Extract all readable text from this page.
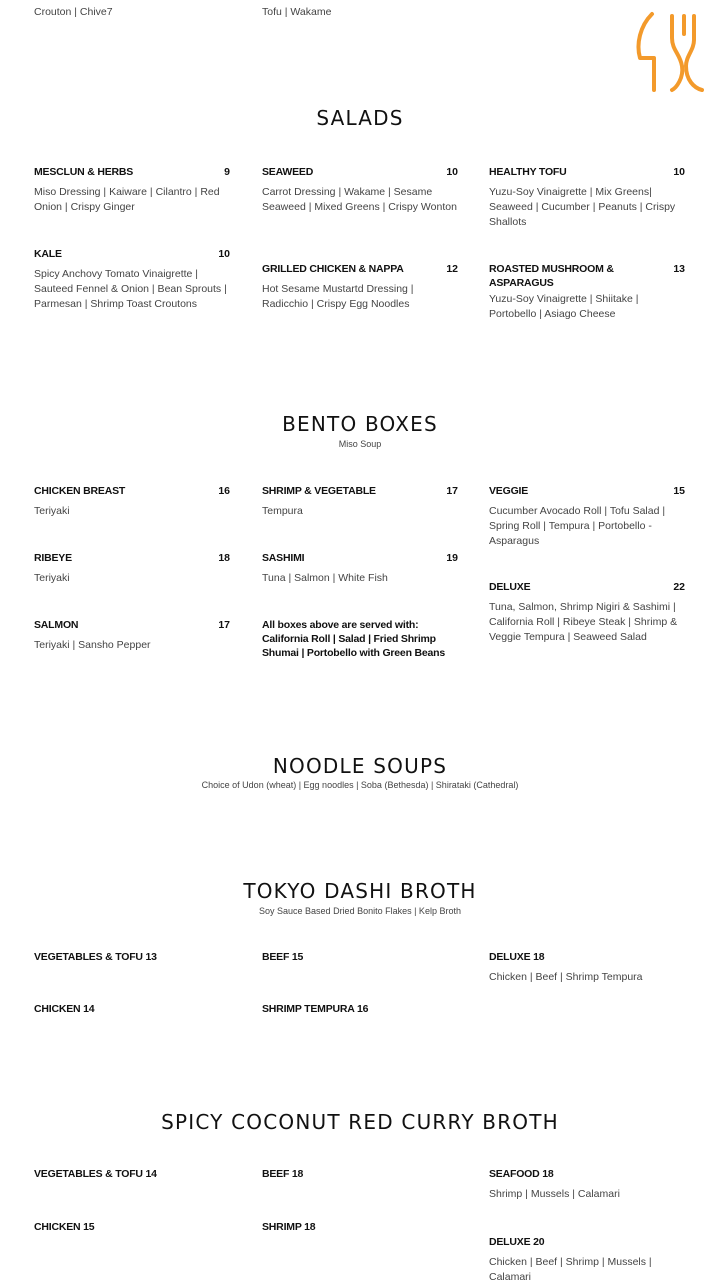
Crouton | Chive7	Tofu | Wakame
SALADS
MESCLUN & HERBS	9
Miso Dressing | Kaiware | Cilantro | Red Onion | Crispy Ginger
SEAWEED	10
Carrot Dressing | Wakame | Sesame Seaweed | Mixed Greens | Crispy Wonton
HEALTHY TOFU	10
Yuzu-Soy Vinaigrette | Mix Greens| Seaweed | Cucumber | Peanuts | Crispy Shallots
KALE	10
Spicy Anchovy Tomato Vinaigrette | Sauteed Fennel & Onion | Bean Sprouts | Parmesan | Shrimp Toast Croutons
GRILLED CHICKEN & NAPPA	12
Hot Sesame Mustartd Dressing | Radicchio | Crispy Egg Noodles
ROASTED MUSHROOM & ASPARAGUS
13
Yuzu-Soy Vinaigrette | Shiitake | Portobello | Asiago Cheese
BENTO BOXES
Miso Soup
CHICKEN BREAST	16
Teriyaki
SHRIMP & VEGETABLE	17
Tempura
VEGGIE	15
Cucumber Avocado Roll | Tofu Salad | Spring Roll | Tempura | Portobello - Asparagus
RIBEYE	18
Teriyaki
SASHIMI	19
Tuna | Salmon | White Fish
DELUXE	22
Tuna, Salmon, Shrimp Nigiri & Sashimi | California Roll | Ribeye Steak | Shrimp & Veggie Tempura | Seaweed Salad
SALMON	17
Teriyaki | Sansho Pepper
All boxes above are served with: California Roll | Salad | Fried Shrimp Shumai | Portobello with Green Beans
NOODLE SOUPS
Choice of Udon (wheat) | Egg noodles | Soba (Bethesda) | Shirataki (Cathedral)
TOKYO DASHI BROTH
Soy Sauce Based Dried Bonito Flakes | Kelp Broth
VEGETABLES & TOFU 13	BEEF 15	DELUXE 18
Chicken | Beef | Shrimp Tempura
CHICKEN 14	SHRIMP TEMPURA 16
SPICY COCONUT RED CURRY BROTH
VEGETABLES & TOFU 14	BEEF 18	SEAFOOD 18
Shrimp | Mussels | Calamari
CHICKEN 15	SHRIMP 18
DELUXE 20
Chicken | Beef | Shrimp | Mussels | Calamari
